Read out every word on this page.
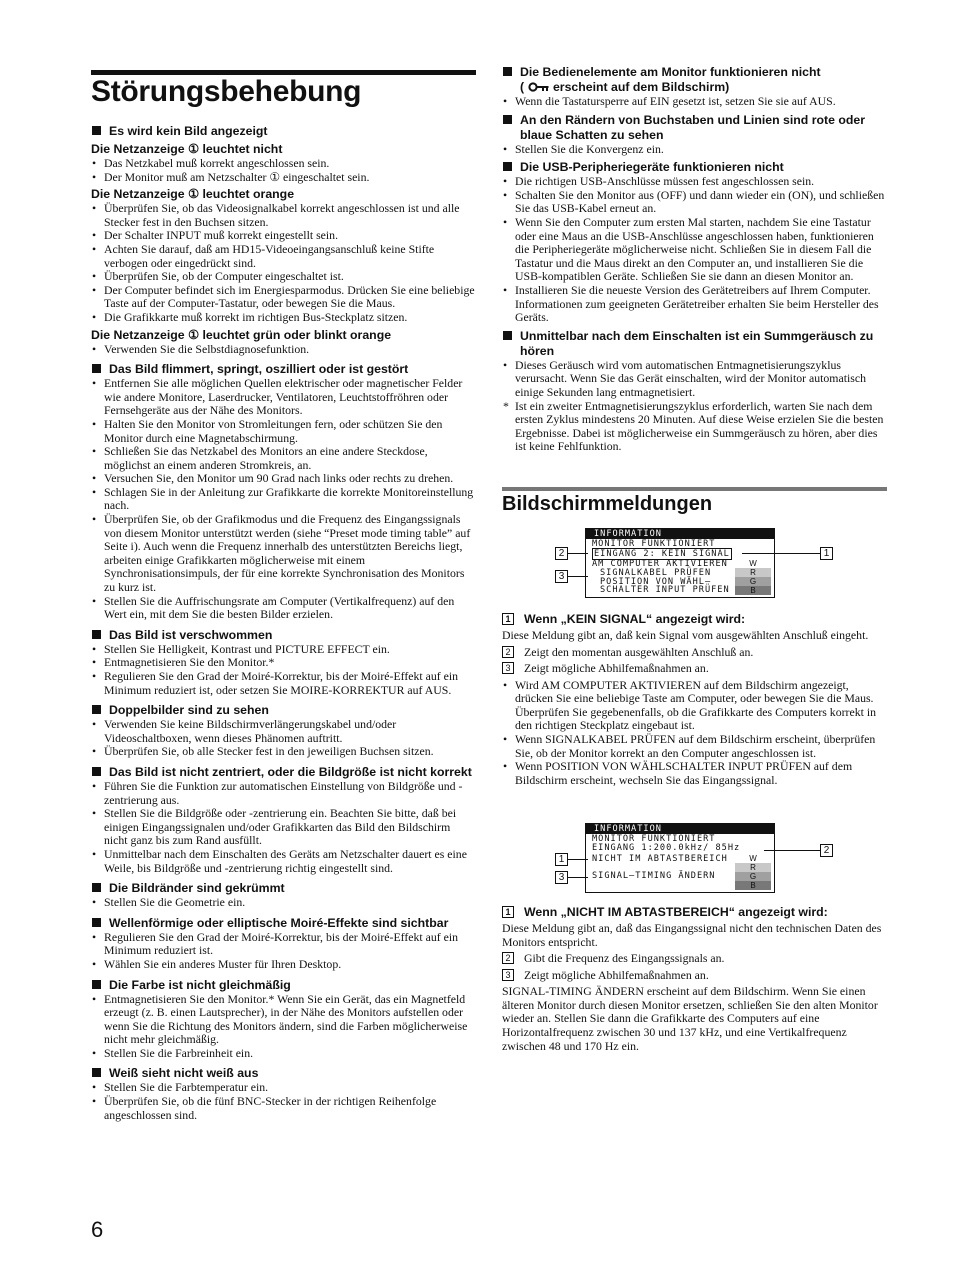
Störungsbehebung
Es wird kein Bild angezeigt
Die Netzanzeige ① leuchtet nicht
• Das Netzkabel muß korrekt angeschlossen sein.
• Der Monitor muß am Netzschalter ① eingeschaltet sein.
Die Netzanzeige ① leuchtet orange
• Überprüfen Sie, ob das Videosignalkabel korrekt angeschlossen ist und alle Stecker fest in den Buchsen sitzen.
• Der Schalter INPUT muß korrekt eingestellt sein.
• Achten Sie darauf, daß am HD15-Videoeingangsanschluß keine Stifte verbogen oder eingedrückt sind.
• Überprüfen Sie, ob der Computer eingeschaltet ist.
• Der Computer befindet sich im Energiesparmodus. Drücken Sie eine beliebige Taste auf der Computer-Tastatur, oder bewegen Sie die Maus.
• Die Grafikkarte muß korrekt im richtigen Bus-Steckplatz sitzen.
Die Netzanzeige ① leuchtet grün oder blinkt orange
• Verwenden Sie die Selbstdiagnosefunktion.
Das Bild flimmert, springt, oszilliert oder ist gestört
• Entfernen Sie alle möglichen Quellen elektrischer oder magnetischer Felder wie andere Monitore, Laserdrucker, Ventilatoren, Leuchtstoffröhren oder Fernsehgeräte aus der Nähe des Monitors.
• Halten Sie den Monitor von Stromleitungen fern, oder schützen Sie den Monitor durch eine Magnetabschirmung.
• Schließen Sie das Netzkabel des Monitors an eine andere Steckdose, möglichst an einem anderen Stromkreis, an.
• Versuchen Sie, den Monitor um 90 Grad nach links oder rechts zu drehen.
• Schlagen Sie in der Anleitung zur Grafikkarte die korrekte Monitoreinstellung nach.
• Überprüfen Sie, ob der Grafikmodus und die Frequenz des Eingangssignals von diesem Monitor unterstützt werden (siehe “Preset mode timing table” auf Seite i). Auch wenn die Frequenz innerhalb des unterstützten Bereichs liegt, arbeiten einige Grafikkarten möglicherweise mit einem Synchronisationsimpuls, der für eine korrekte Synchronisation des Monitors zu kurz ist.
• Stellen Sie die Auffrischungsrate am Computer (Vertikalfrequenz) auf den Wert ein, mit dem Sie die besten Bilder erzielen.
Das Bild ist verschwommen
• Stellen Sie Helligkeit, Kontrast und PICTURE EFFECT ein.
• Entmagnetisieren Sie den Monitor.*
• Regulieren Sie den Grad der Moiré-Korrektur, bis der Moiré-Effekt auf ein Minimum reduziert ist, oder setzen Sie MOIRE-KORREKTUR auf AUS.
Doppelbilder sind zu sehen
• Verwenden Sie keine Bildschirmverlängerungskabel und/oder Videoschaltboxen, wenn dieses Phänomen auftritt.
• Überprüfen Sie, ob alle Stecker fest in den jeweiligen Buchsen sitzen.
Das Bild ist nicht zentriert, oder die Bildgröße ist nicht korrekt
• Führen Sie die Funktion zur automatischen Einstellung von Bildgröße und -zentrierung aus.
• Stellen Sie die Bildgröße oder -zentrierung ein. Beachten Sie bitte, daß bei einigen Eingangssignalen und/oder Grafikkarten das Bild den Bildschirm nicht ganz bis zum Rand ausfüllt.
• Unmittelbar nach dem Einschalten des Geräts am Netzschalter dauert es eine Weile, bis Bildgröße und -zentrierung richtig eingestellt sind.
Die Bildränder sind gekrümmt
• Stellen Sie die Geometrie ein.
Wellenförmige oder elliptische Moiré-Effekte sind sichtbar
• Regulieren Sie den Grad der Moiré-Korrektur, bis der Moiré-Effekt auf ein Minimum reduziert ist.
• Wählen Sie ein anderes Muster für Ihren Desktop.
Die Farbe ist nicht gleichmäßig
• Entmagnetisieren Sie den Monitor.* Wenn Sie ein Gerät, das ein Magnetfeld erzeugt (z. B. einen Lautsprecher), in der Nähe des Monitors aufstellen oder wenn Sie die Richtung des Monitors ändern, sind die Farben möglicherweise nicht mehr gleichmäßig.
• Stellen Sie die Farbreinheit ein.
Weiß sieht nicht weiß aus
• Stellen Sie die Farbtemperatur ein.
• Überprüfen Sie, ob die fünf BNC-Stecker in der richtigen Reihenfolge angeschlossen sind.
Die Bedienelemente am Monitor funktionieren nicht
( erscheint auf dem Bildschirm)
• Wenn die Tastatursperre auf EIN gesetzt ist, setzen Sie sie auf AUS.
An den Rändern von Buchstaben und Linien sind rote oder blaue Schatten zu sehen
• Stellen Sie die Konvergenz ein.
Die USB-Peripheriegeräte funktionieren nicht
• Die richtigen USB-Anschlüsse müssen fest angeschlossen sein.
• Schalten Sie den Monitor aus (OFF) und dann wieder ein (ON), und schließen Sie das USB-Kabel erneut an.
• Wenn Sie den Computer zum ersten Mal starten, nachdem Sie eine Tastatur oder eine Maus an die USB-Anschlüsse angeschlossen haben, funktionieren die Peripheriegeräte möglicherweise nicht. Schließen Sie in diesem Fall die Tastatur und die Maus direkt an den Computer an, und installieren Sie die USB-kompatiblen Geräte. Schließen Sie sie dann an diesen Monitor an.
• Installieren Sie die neueste Version des Gerätetreibers auf Ihrem Computer. Informationen zum geeigneten Gerätetreiber erhalten Sie beim Hersteller des Geräts.
Unmittelbar nach dem Einschalten ist ein Summgeräusch zu hören
• Dieses Geräusch wird vom automatischen Entmagnetisierungszyklus verursacht. Wenn Sie das Gerät einschalten, wird der Monitor automatisch einige Sekunden lang entmagnetisiert.
* Ist ein zweiter Entmagnetisierungszyklus erforderlich, warten Sie nach dem ersten Zyklus mindestens 20 Minuten. Auf diese Weise erzielen Sie die besten Ergebnisse. Dabei ist möglicherweise ein Summgeräusch zu hören, aber dies ist keine Fehlfunktion.
Bildschirmmeldungen
INFORMATION
MONITOR FUNKTIONIERT
EINGANG 2: KEIN SIGNAL
AM COMPUTER AKTIVIEREN
SIGNALKABEL PRÜFEN
POSITION VON WÄHL–
SCHALTER INPUT PRÜFEN
W
R
G
B
2
3
1
1 Wenn „KEIN SIGNAL“ angezeigt wird:

Diese Meldung gibt an, daß kein Signal vom ausgewählten Anschluß eingeht.

2 Zeigt den momentan ausgewählten Anschluß an.
3 Zeigt mögliche Abhilfemaßnahmen an.
• Wird AM COMPUTER AKTIVIEREN auf dem Bildschirm angezeigt, drücken Sie eine beliebige Taste am Computer, oder bewegen Sie die Maus. Überprüfen Sie gegebenenfalls, ob die Grafikkarte des Computers korrekt in den richtigen Steckplatz eingebaut ist.
• Wenn SIGNALKABEL PRÜFEN auf dem Bildschirm erscheint, überprüfen Sie, ob der Monitor korrekt an den Computer angeschlossen ist.
• Wenn POSITION VON WÄHLSCHALTER INPUT PRÜFEN auf dem Bildschirm erscheint, wechseln Sie das Eingangssignal.
INFORMATION
MONITOR FUNKTIONIERT
EINGANG 1:200.0kHz/ 85Hz
NICHT IM ABTASTBEREICH
SIGNAL–TIMING ÄNDERN
W
R
G
B
1
3
2
1 Wenn „NICHT IM ABTASTBEREICH“ angezeigt wird:

Diese Meldung gibt an, daß das Eingangssignal nicht den technischen Daten des Monitors entspricht.

2 Gibt die Frequenz des Eingangssignals an.
3 Zeigt mögliche Abhilfemaßnahmen an.

SIGNAL-TIMING ÄNDERN erscheint auf dem Bildschirm. Wenn Sie einen älteren Monitor durch diesen Monitor ersetzen, schließen Sie den alten Monitor wieder an. Stellen Sie dann die Grafikkarte des Computers auf eine Horizontalfrequenz zwischen 30 und 137 kHz, und eine Vertikalfrequenz zwischen 48 und 170 Hz ein.

6
